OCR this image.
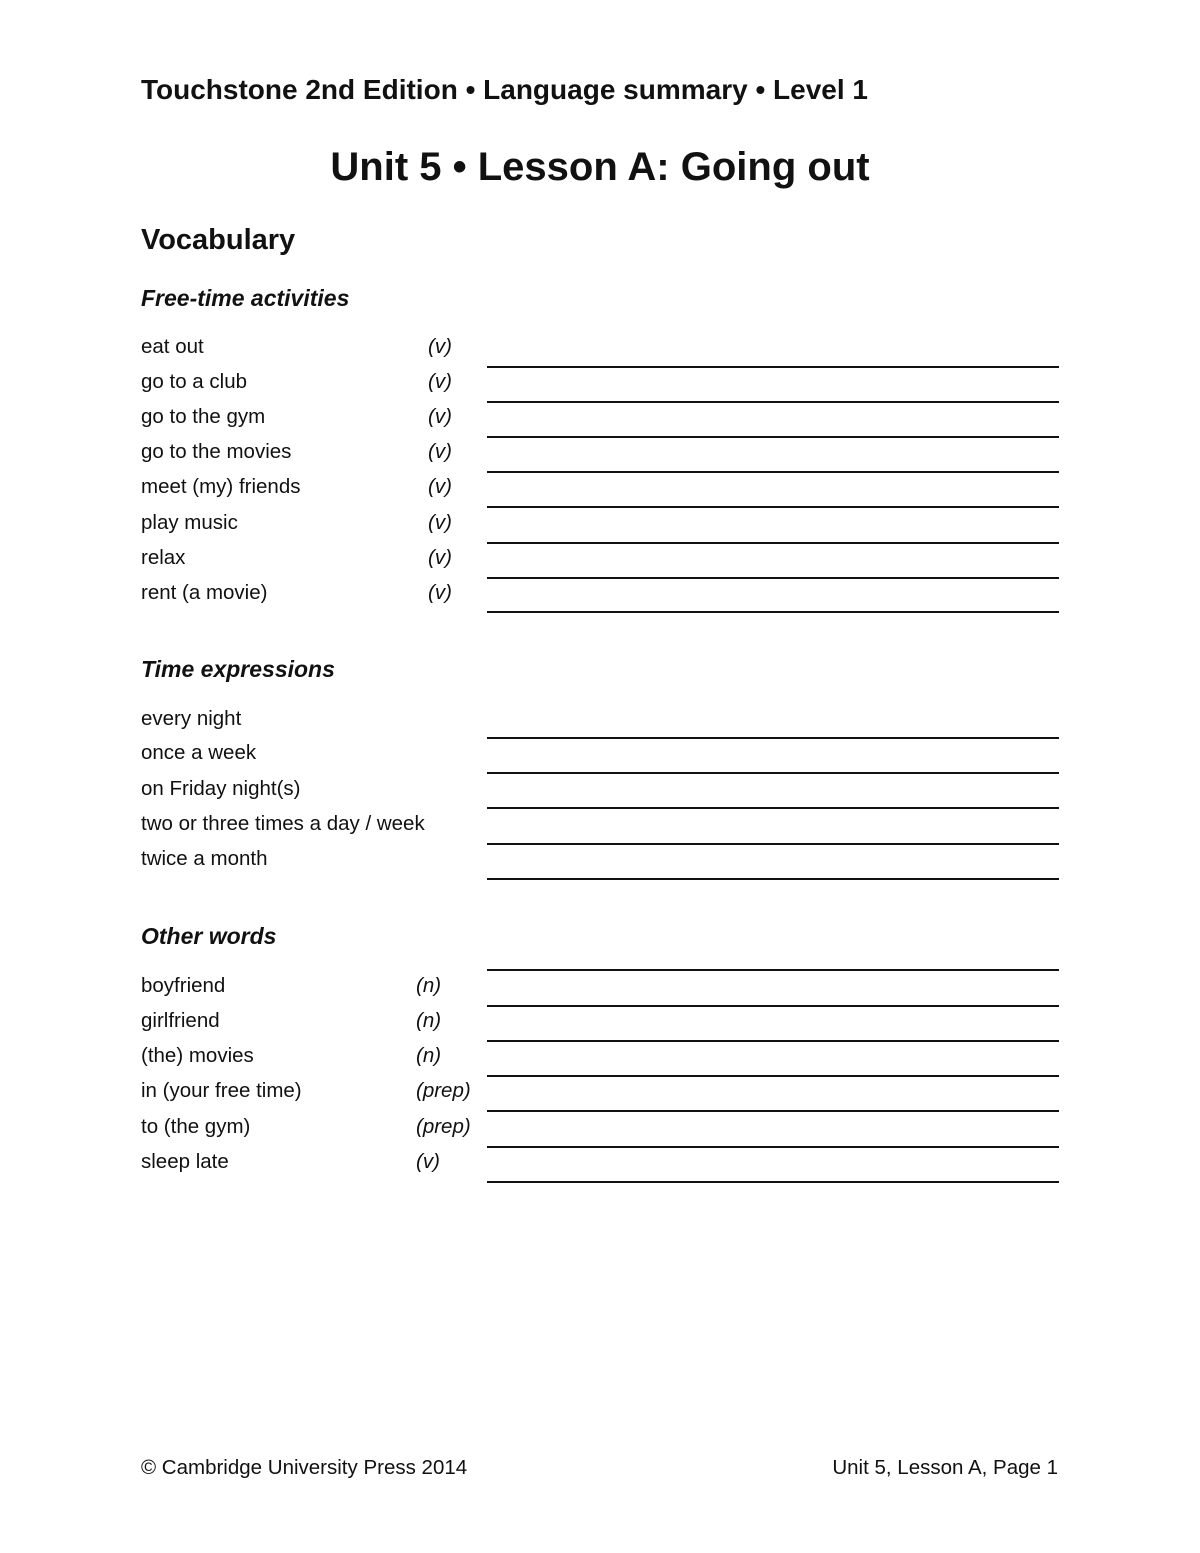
Touchstone 2nd Edition • Language summary • Level 1
Unit 5 • Lesson A: Going out
Vocabulary
Free-time activities
eat out	(v)
go to a club	(v)
go to the gym	(v)
go to the movies	(v)
meet (my) friends	(v)
play music	(v)
relax	(v)
rent (a movie)	(v)
Time expressions
every night
once a week
on Friday night(s)
two or three times a day / week
twice a month
Other words
boyfriend	(n)
girlfriend	(n)
(the) movies	(n)
in (your free time)	(prep)
to (the gym)	(prep)
sleep late	(v)
© Cambridge University Press 2014	Unit 5, Lesson A, Page 1
